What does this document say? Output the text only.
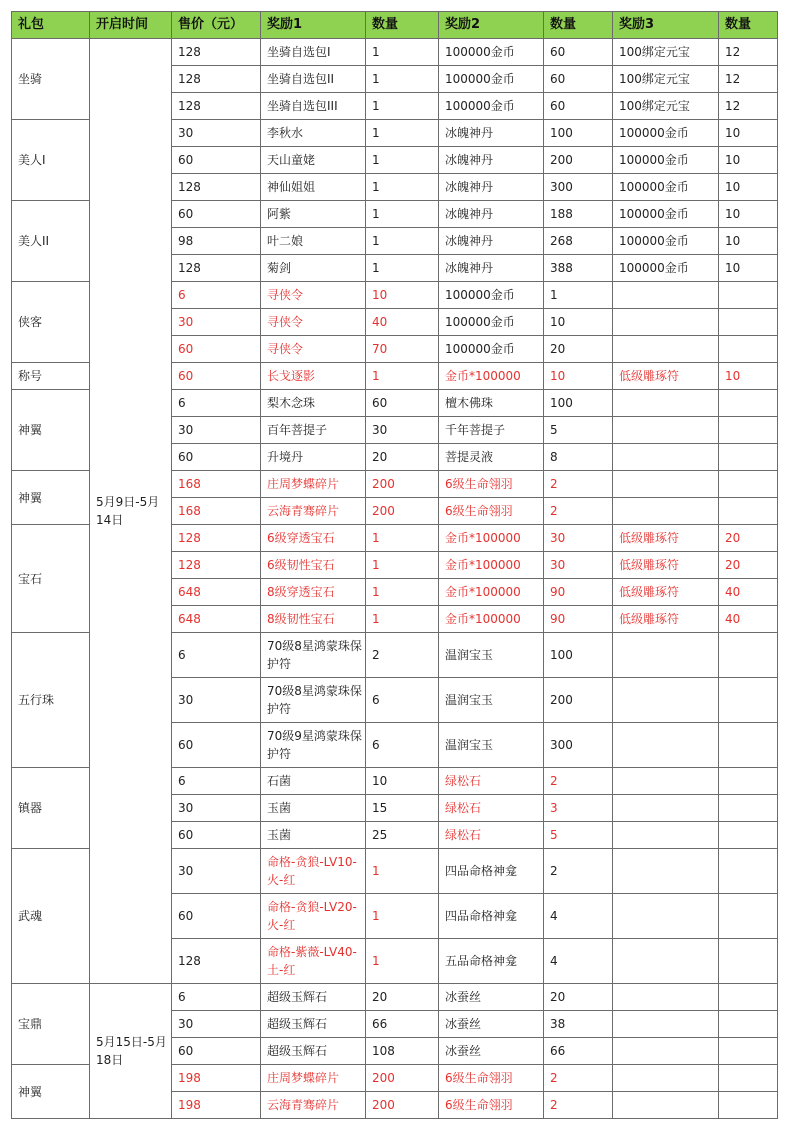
礼包	开启时间	售价（元）	奖励1	数量	奖励2	数量	奖励3	数量
坐骑	5月9日-5月14日	128	坐骑自选包I	1	100000金币	60	100绑定元宝	12
		128	坐骑自选包II	1	100000金币	60	100绑定元宝	12
		128	坐骑自选包III	1	100000金币	60	100绑定元宝	12
美人I		30	李秋水	1	冰魄神丹	100	100000金币	10
		60	天山童姥	1	冰魄神丹	200	100000金币	10
		128	神仙姐姐	1	冰魄神丹	300	100000金币	10
美人II		60	阿紫	1	冰魄神丹	188	100000金币	10
		98	叶二娘	1	冰魄神丹	268	100000金币	10
		128	菊剑	1	冰魄神丹	388	100000金币	10
侠客		6	寻侠令	10	100000金币	1		
		30	寻侠令	40	100000金币	10		
		60	寻侠令	70	100000金币	20		
称号		60	长戈逐影	1	金币*100000	10	低级雕琢符	10
神翼		6	梨木念珠	60	檀木佛珠	100		
		30	百年菩提子	30	千年菩提子	5		
		60	升境丹	20	菩提灵液	8		
神翼		168	庄周梦蝶碎片	200	6级生命翎羽	2		
		168	云海青骞碎片	200	6级生命翎羽	2		
宝石		128	6级穿透宝石	1	金币*100000	30	低级雕琢符	20
		128	6级韧性宝石	1	金币*100000	30	低级雕琢符	20
		648	8级穿透宝石	1	金币*100000	90	低级雕琢符	40
		648	8级韧性宝石	1	金币*100000	90	低级雕琢符	40
五行珠		6	70级8星鸿蒙珠保护符	2	温润宝玉	100		
		30	70级8星鸿蒙珠保护符	6	温润宝玉	200		
		60	70级9星鸿蒙珠保护符	6	温润宝玉	300		
镇器		6	石菌	10	绿松石	2		
		30	玉菌	15	绿松石	3		
		60	玉菌	25	绿松石	5		
武魂		30	命格-贪狼-LV10-火-红	1	四品命格神龛	2		
		60	命格-贪狼-LV20-火-红	1	四品命格神龛	4		
		128	命格-紫薇-LV40-土-红	1	五品命格神龛	4		
宝鼎	5月15日-5月18日	6	超级玉辉石	20	冰蚕丝	20		
		30	超级玉辉石	66	冰蚕丝	38		
		60	超级玉辉石	108	冰蚕丝	66		
神翼		198	庄周梦蝶碎片	200	6级生命翎羽	2		
		198	云海青骞碎片	200	6级生命翎羽	2		
